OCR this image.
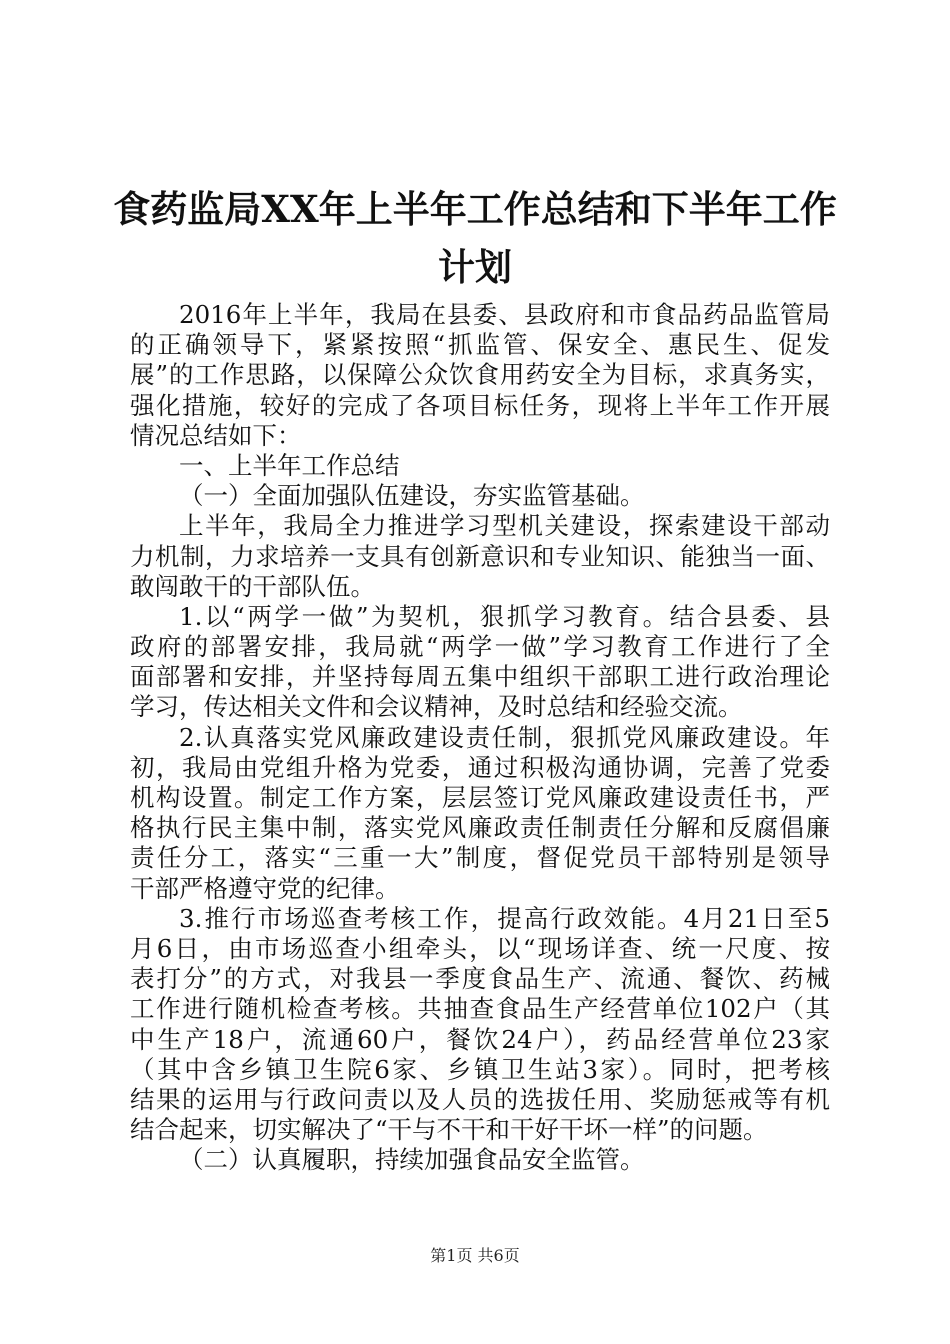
食药监局XX年上半年工作总结和下半年工作
计划
2016年上半年，我局在县委、县政府和市食品药品监管局
的正确领导下，紧紧按照“抓监管、保安全、惠民生、促发
展”的工作思路，以保障公众饮食用药安全为目标，求真务实，
强化措施，较好的完成了各项目标任务，现将上半年工作开展
情况总结如下：
一、上半年工作总结
（一）全面加强队伍建设，夯实监管基础。
上半年，我局全力推进学习型机关建设，探索建设干部动
力机制，力求培养一支具有创新意识和专业知识、能独当一面、
敢闯敢干的干部队伍。
1.以“两学一做”为契机，狠抓学习教育。结合县委、县
政府的部署安排，我局就“两学一做”学习教育工作进行了全
面部署和安排，并坚持每周五集中组织干部职工进行政治理论
学习，传达相关文件和会议精神，及时总结和经验交流。
2.认真落实党风廉政建设责任制，狠抓党风廉政建设。年
初，我局由党组升格为党委，通过积极沟通协调，完善了党委
机构设置。制定工作方案，层层签订党风廉政建设责任书，严
格执行民主集中制，落实党风廉政责任制责任分解和反腐倡廉
责任分工，落实“三重一大”制度，督促党员干部特别是领导
干部严格遵守党的纪律。
3.推行市场巡查考核工作，提高行政效能。4月21日至5
月6日，由市场巡查小组牵头，以“现场详查、统一尺度、按
表打分”的方式，对我县一季度食品生产、流通、餐饮、药械
工作进行随机检查考核。共抽查食品生产经营单位102户（其
中生产18户，流通60户，餐饮24户），药品经营单位23家
（其中含乡镇卫生院6家、乡镇卫生站3家）。同时，把考核
结果的运用与行政问责以及人员的选拔任用、奖励惩戒等有机
结合起来，切实解决了“干与不干和干好干坏一样”的问题。
（二）认真履职，持续加强食品安全监管。
第1页 共6页
